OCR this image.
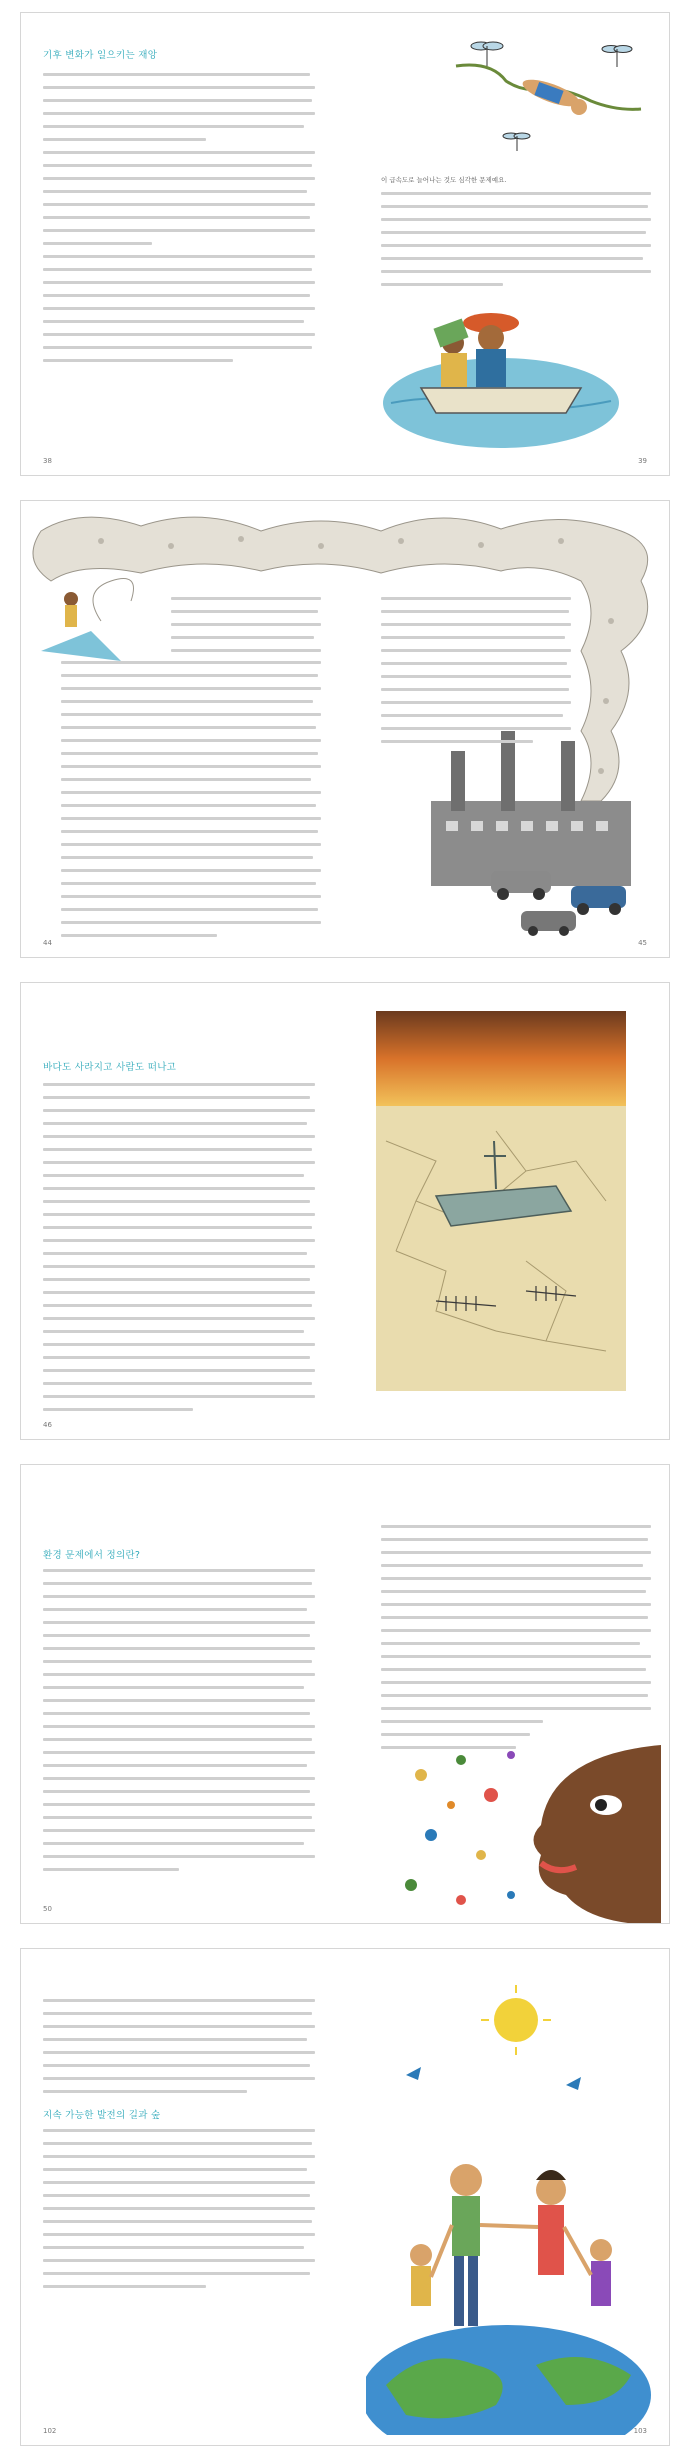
기후 변화가 일으키는 재앙
이 급속도로 늘어나는 것도 심각한 문제예요.
38	39
44	45
바다도 사라지고 사람도 떠나고
46
환경 문제에서 정의란?
50
지속 가능한 발전의 길과 숲
102	103
